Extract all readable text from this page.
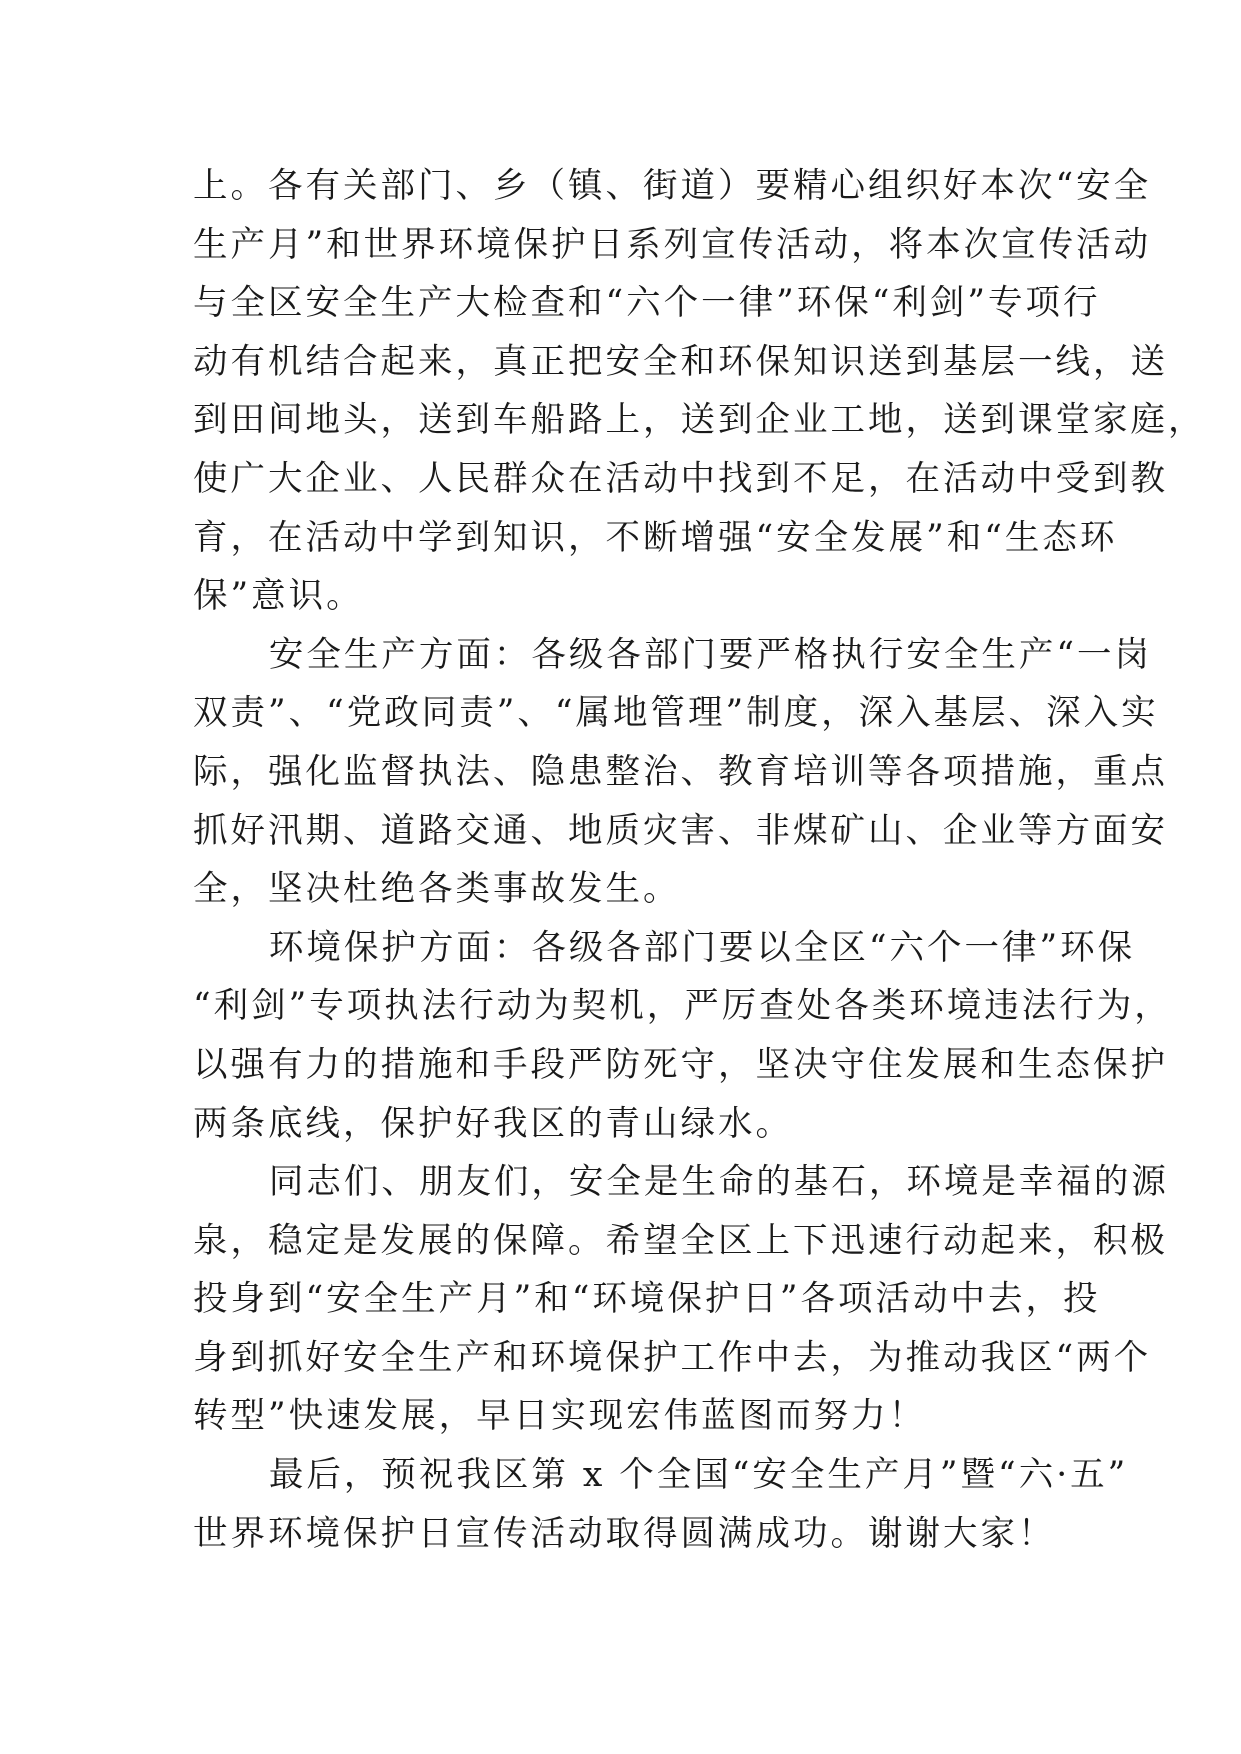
上。各有关部门、乡（镇、街道）要精心组织好本次“安全
生产月”和世界环境保护日系列宣传活动，将本次宣传活动
与全区安全生产大检查和“六个一律”环保“利剑”专项行
动有机结合起来，真正把安全和环保知识送到基层一线，送
到田间地头，送到车船路上，送到企业工地，送到课堂家庭，
使广大企业、人民群众在活动中找到不足，在活动中受到教
育，在活动中学到知识，不断增强“安全发展”和“生态环
保”意识。

安全生产方面：各级各部门要严格执行安全生产“一岗
双责”、“党政同责”、“属地管理”制度，深入基层、深入实
际，强化监督执法、隐患整治、教育培训等各项措施，重点
抓好汛期、道路交通、地质灾害、非煤矿山、企业等方面安
全，坚决杜绝各类事故发生。

环境保护方面：各级各部门要以全区“六个一律”环保
“利剑”专项执法行动为契机，严厉查处各类环境违法行为，
以强有力的措施和手段严防死守，坚决守住发展和生态保护
两条底线，保护好我区的青山绿水。

同志们、朋友们，安全是生命的基石，环境是幸福的源
泉，稳定是发展的保障。希望全区上下迅速行动起来，积极
投身到“安全生产月”和“环境保护日”各项活动中去，投
身到抓好安全生产和环境保护工作中去，为推动我区“两个
转型”快速发展，早日实现宏伟蓝图而努力！

最后，预祝我区第 x 个全国“安全生产月”暨“六·五”
世界环境保护日宣传活动取得圆满成功。谢谢大家！
